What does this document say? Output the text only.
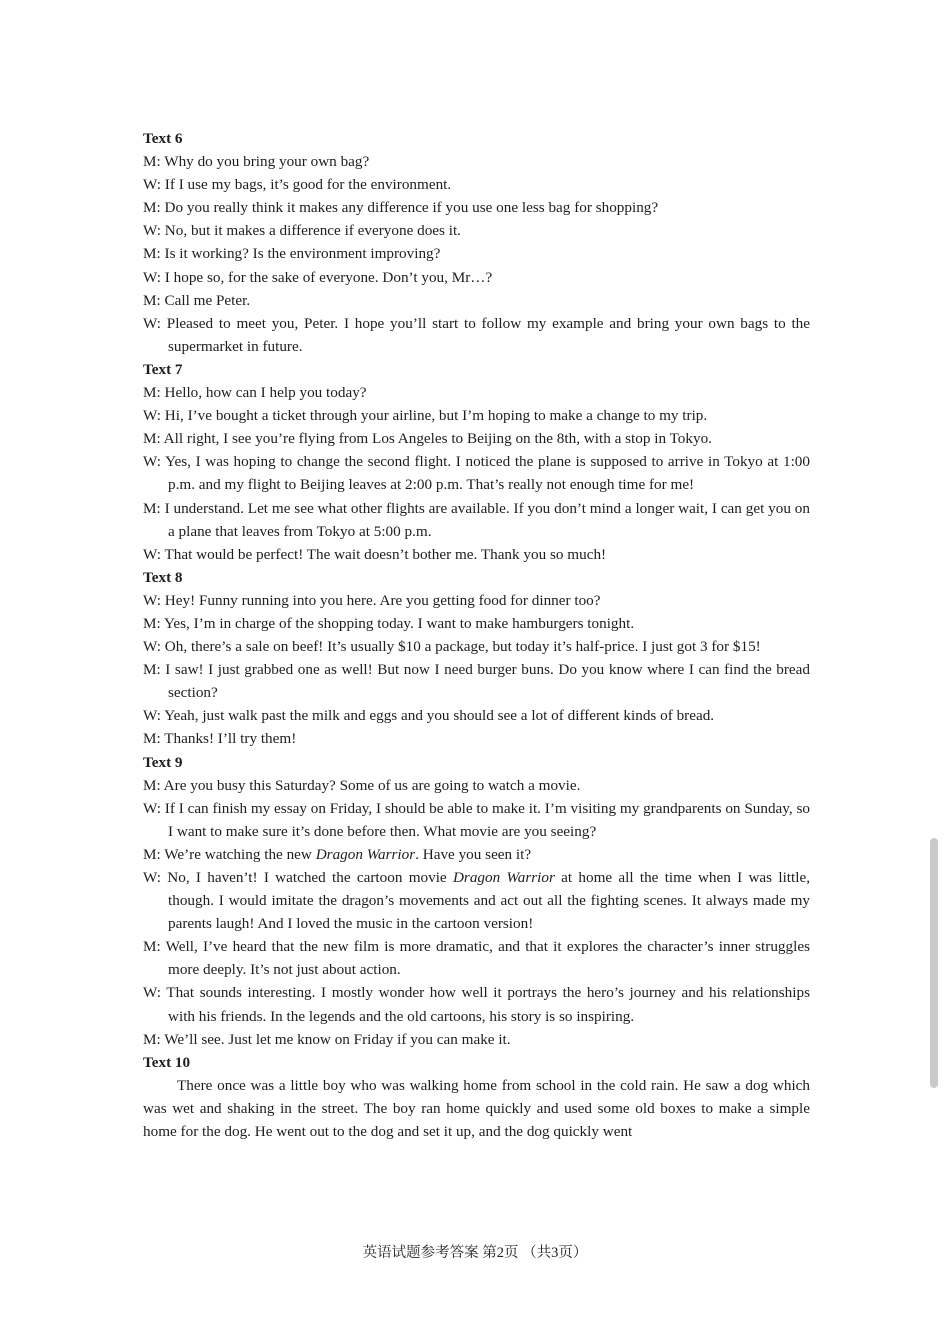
Text 6
M: Why do you bring your own bag?
W: If I use my bags, it’s good for the environment.
M: Do you really think it makes any difference if you use one less bag for shopping?
W: No, but it makes a difference if everyone does it.
M: Is it working? Is the environment improving?
W: I hope so, for the sake of everyone. Don’t you, Mr…?
M: Call me Peter.
W: Pleased to meet you, Peter. I hope you’ll start to follow my example and bring your own bags to the supermarket in future.
Text 7
M: Hello, how can I help you today?
W: Hi, I’ve bought a ticket through your airline, but I’m hoping to make a change to my trip.
M: All right, I see you’re flying from Los Angeles to Beijing on the 8th, with a stop in Tokyo.
W: Yes, I was hoping to change the second flight. I noticed the plane is supposed to arrive in Tokyo at 1:00 p.m. and my flight to Beijing leaves at 2:00 p.m. That’s really not enough time for me!
M: I understand. Let me see what other flights are available. If you don’t mind a longer wait, I can get you on a plane that leaves from Tokyo at 5:00 p.m.
W: That would be perfect! The wait doesn’t bother me. Thank you so much!
Text 8
W: Hey! Funny running into you here. Are you getting food for dinner too?
M: Yes, I’m in charge of the shopping today. I want to make hamburgers tonight.
W: Oh, there’s a sale on beef! It’s usually $10 a package, but today it’s half-price. I just got 3 for $15!
M: I saw! I just grabbed one as well! But now I need burger buns. Do you know where I can find the bread section?
W: Yeah, just walk past the milk and eggs and you should see a lot of different kinds of bread.
M: Thanks! I’ll try them!
Text 9
M: Are you busy this Saturday? Some of us are going to watch a movie.
W: If I can finish my essay on Friday, I should be able to make it. I’m visiting my grandparents on Sunday, so I want to make sure it’s done before then. What movie are you seeing?
M: We’re watching the new Dragon Warrior. Have you seen it?
W: No, I haven’t! I watched the cartoon movie Dragon Warrior at home all the time when I was little, though. I would imitate the dragon’s movements and act out all the fighting scenes. It always made my parents laugh! And I loved the music in the cartoon version!
M: Well, I’ve heard that the new film is more dramatic, and that it explores the character’s inner struggles more deeply. It’s not just about action.
W: That sounds interesting. I mostly wonder how well it portrays the hero’s journey and his relationships with his friends. In the legends and the old cartoons, his story is so inspiring.
M: We’ll see. Just let me know on Friday if you can make it.
Text 10
There once was a little boy who was walking home from school in the cold rain. He saw a dog which was wet and shaking in the street. The boy ran home quickly and used some old boxes to make a simple home for the dog. He went out to the dog and set it up, and the dog quickly went
英语试题参考答案 第2页 （共3页）
